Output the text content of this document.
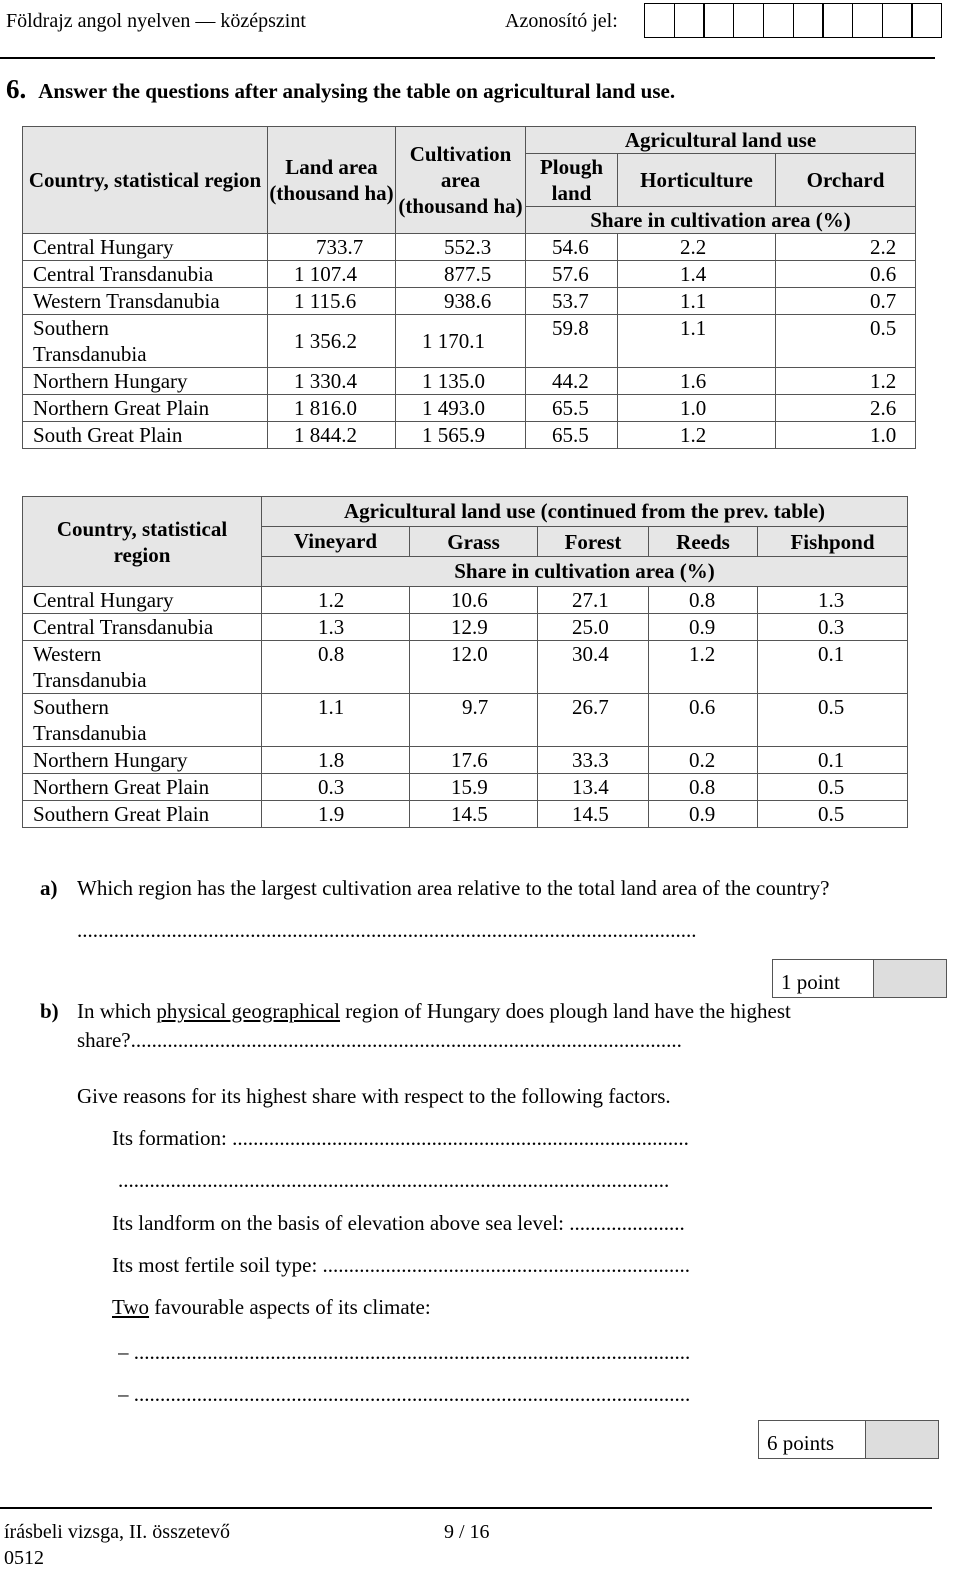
Földrajz angol nyelven — középszint	Azonosító jel:
6. Answer the questions after analysing the table on agricultural land use.
Country, statistical region	Land area (thousand ha)	Cultivation area (thousand ha)	Agricultural land use		
			Plough land	Horticulture	Orchard
			Share in cultivation area (%)		
Central Hungary	733.7	552.3	54.6	2.2	2.2
Central Transdanubia	1 107.4	877.5	57.6	1.4	0.6
Western Transdanubia	1 115.6	938.6	53.7	1.1	0.7

Southern Transdanubia	1 356.2	1 170.1	59.8	1.1	0.5
Northern Hungary	1 330.4	1 135.0	44.2	1.6	1.2
Northern Great Plain	1 816.0	1 493.0	65.5	1.0	2.6
South Great Plain	1 844.2	1 565.9	65.5	1.2	1.0
Country, statistical region	Agricultural land use (continued from the prev. table)				
	Vineyard	Grass	Forest	Reeds	Fishpond
	Share in cultivation area (%)				
Central Hungary	1.2	10.6	27.1	0.8	1.3
Central Transdanubia	1.3	12.9	25.0	0.9	0.3

Western Transdanubia	0.8	12.0	30.4	1.2	0.1

Southern Transdanubia	1.1	9.7	26.7	0.6	0.5
Northern Hungary	1.8	17.6	33.3	0.2	0.1
Northern Great Plain	0.3	15.9	13.4	0.8	0.5
Southern Great Plain	1.9	14.5	14.5	0.9	0.5
a) Which region has the largest cultivation area relative to the total land area of the country?
......................................................................................................................
1 point
b) In which physical geographical region of Hungary does plough land have the highest
share?.........................................................................................................
Give reasons for its highest share with respect to the following factors.
Its formation: .......................................................................................
.........................................................................................................
Its landform on the basis of elevation above sea level: ......................
Its most fertile soil type: ......................................................................
Two favourable aspects of its climate:
– ..........................................................................................................
– ..........................................................................................................
6 points
írásbeli vizsga, II. összetevő
0512
9 / 16
